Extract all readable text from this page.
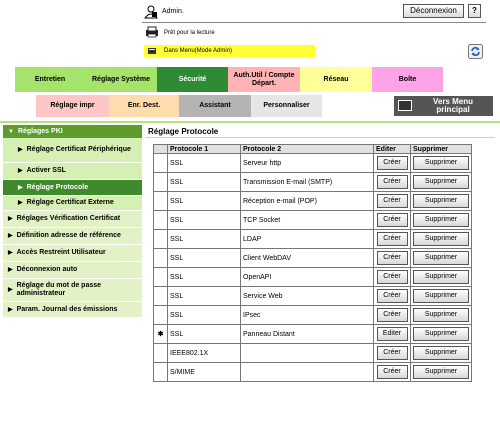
Admin.	Déconnexion	?
Prêt pour la lecture
Dans Menu(Mode Admin)
Entretien	Réglage Système	Sécurité
Auth.Util / Compte Départ.
Réseau	Boîte
Réglage impr	Enr. Dest.	Assistant	Personnaliser	Vers Menu principal
▼ Réglages PKI
▶ Réglage Certificat Périphérique
▶ Activer SSL
▶ Réglage Protocole
▶ Réglage Certificat Externe
▶ Réglages Vérification Certificat
▶ Définition adresse de référence
▶ Accès Restreint Utilisateur
▶ Déconnexion auto
▶
Réglage du mot de passe administrateur
▶ Param. Journal des émissions
Réglage Protocole
	Protocole 1	Protocole 2	Editer	Supprimer
	SSL	Serveur http	Créer	Supprimer
	SSL	Transmission E-mail (SMTP)	Créer	Supprimer
	SSL	Réception e-mail (POP)	Créer	Supprimer
	SSL	TCP Socket	Créer	Supprimer
	SSL	LDAP	Créer	Supprimer
	SSL	Client WebDAV	Créer	Supprimer
	SSL	OpenAPI	Créer	Supprimer
	SSL	Service Web	Créer	Supprimer
	SSL	IPsec	Créer	Supprimer
✱	SSL	Panneau Distant	Editer	Supprimer
	IEEE802.1X		Créer	Supprimer
	S/MIME		Créer	Supprimer
